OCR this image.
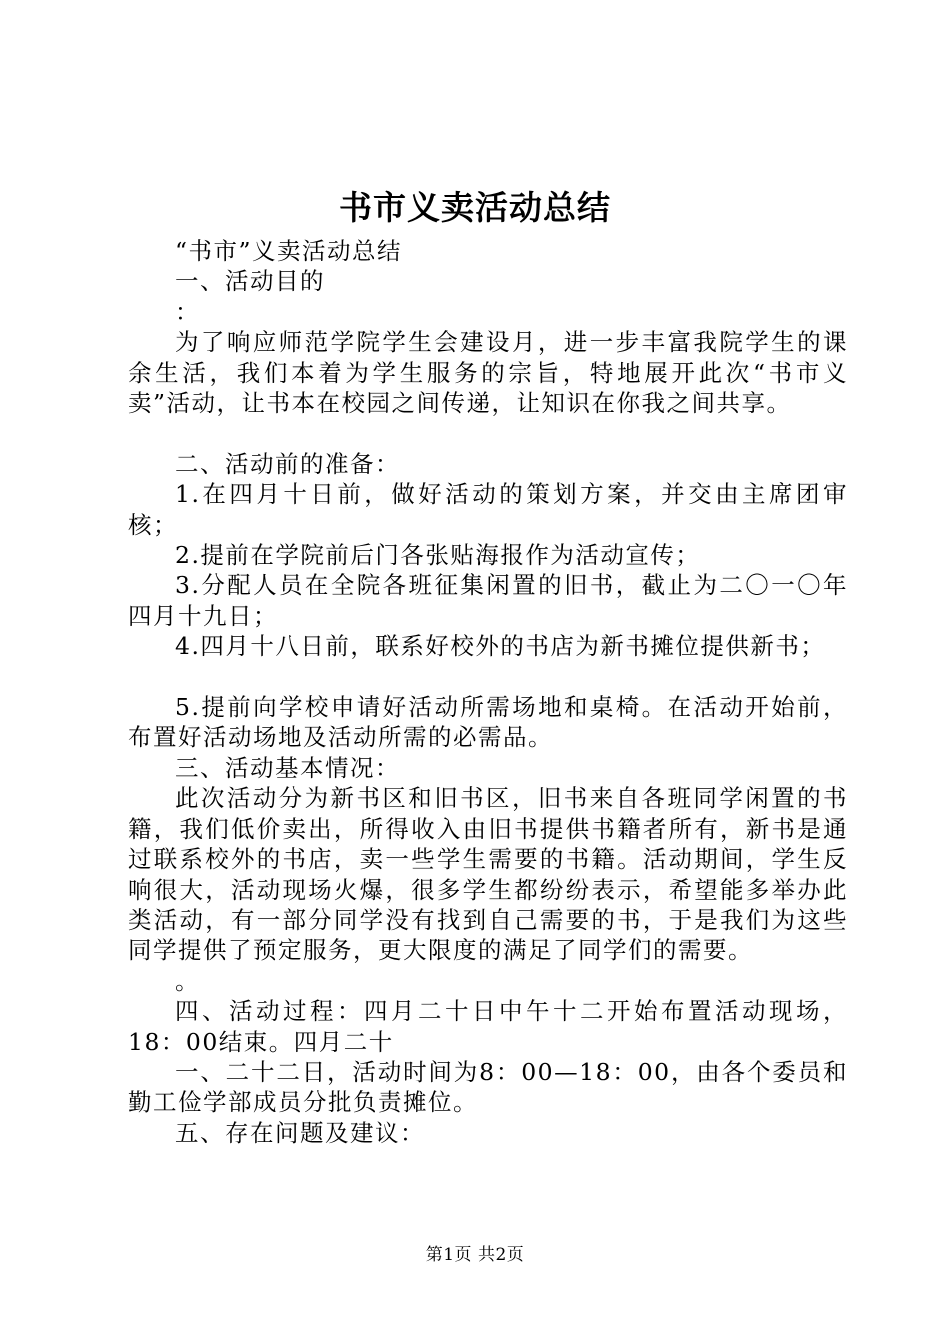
书市义卖活动总结

“书市”义卖活动总结

一、活动目的

：

为了响应师范学院学生会建设月，进一步丰富我院学生的课余生活，我们本着为学生服务的宗旨，特地展开此次“书市义卖”活动，让书本在校园之间传递，让知识在你我之间共享。

二、活动前的准备：

1.在四月十日前，做好活动的策划方案，并交由主席团审核；

2.提前在学院前后门各张贴海报作为活动宣传；

3.分配人员在全院各班征集闲置的旧书，截止为二〇一〇年四月十九日；

4.四月十八日前，联系好校外的书店为新书摊位提供新书；

5.提前向学校申请好活动所需场地和桌椅。在活动开始前，布置好活动场地及活动所需的必需品。

三、活动基本情况：

此次活动分为新书区和旧书区，旧书来自各班同学闲置的书籍，我们低价卖出，所得收入由旧书提供书籍者所有，新书是通过联系校外的书店，卖一些学生需要的书籍。活动期间，学生反响很大，活动现场火爆，很多学生都纷纷表示，希望能多举办此类活动，有一部分同学没有找到自己需要的书，于是我们为这些同学提供了预定服务，更大限度的满足了同学们的需要。

。

四、活动过程：四月二十日中午十二开始布置活动现场，18：00结束。四月二十

一、二十二日，活动时间为8：00—18：00，由各个委员和勤工俭学部成员分批负责摊位。

五、存在问题及建议：

第1页 共2页
